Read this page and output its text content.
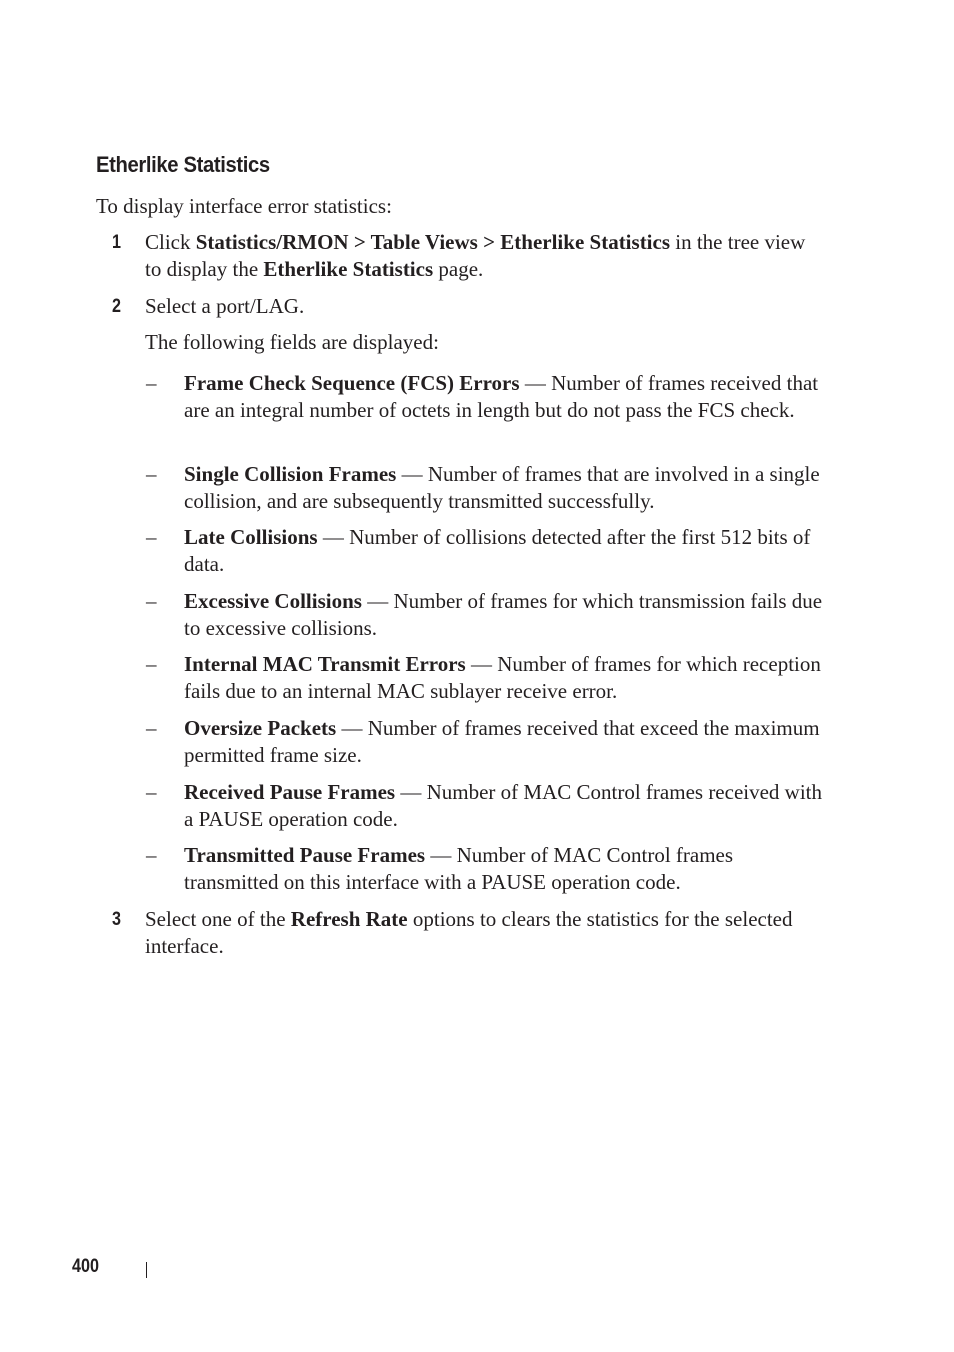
Etherlike Statistics

To display interface error statistics:

1 Click Statistics/RMON > Table Views > Etherlike Statistics in the tree view to display the Etherlike Statistics page.

2 Select a port/LAG.

The following fields are displayed:

– Frame Check Sequence (FCS) Errors — Number of frames received that are an integral number of octets in length but do not pass the FCS check.

– Single Collision Frames — Number of frames that are involved in a single collision, and are subsequently transmitted successfully.

– Late Collisions — Number of collisions detected after the first 512 bits of data.

– Excessive Collisions — Number of frames for which transmission fails due to excessive collisions.

– Internal MAC Transmit Errors — Number of frames for which reception fails due to an internal MAC sublayer receive error.

– Oversize Packets — Number of frames received that exceed the maximum permitted frame size.

– Received Pause Frames — Number of MAC Control frames received with a PAUSE operation code.

– Transmitted Pause Frames — Number of MAC Control frames transmitted on this interface with a PAUSE operation code.

3 Select one of the Refresh Rate options to clears the statistics for the selected interface.

400
